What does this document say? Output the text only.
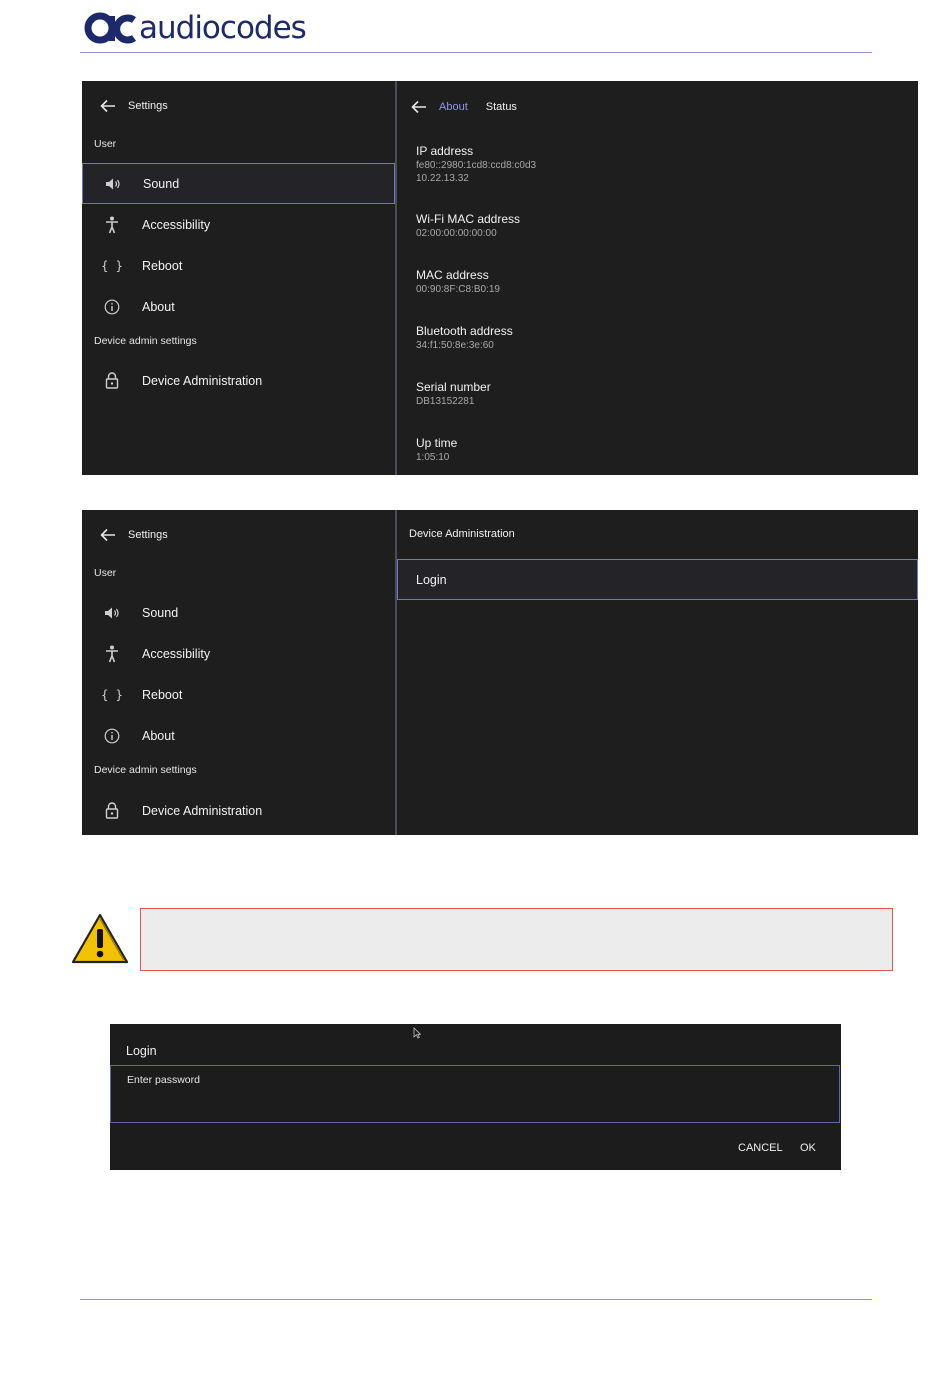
audiocodes
Settings
User
Sound
Accessibility
{ }	Reboot
About
Device admin settings
Device Administration
About Status
IP address
fe80::2980:1cd8:ccd8:c0d3
10.22.13.32
Wi-Fi MAC address
02:00:00:00:00:00
MAC address
00:90:8F:C8:B0:19
Bluetooth address
34:f1:50:8e:3e:60
Serial number
DB13152281
Up time
1:05:10
Settings
User
Sound
Accessibility
{ }	Reboot
About
Device admin settings
Device Administration
Device Administration
Login
Login
Enter password
CANCEL OK
